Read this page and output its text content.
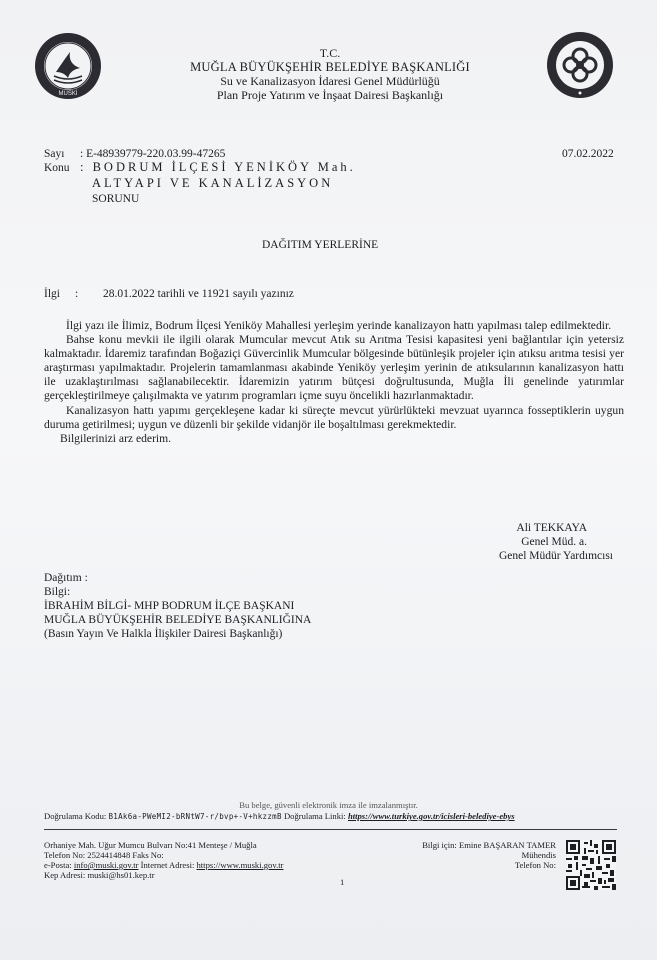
MUSKİ
T.C.
MUĞLA BÜYÜKŞEHİR BELEDİYE BAŞKANLIĞI
Su ve Kanalizasyon İdaresi Genel Müdürlüğü
Plan Proje Yatırım ve İnşaat Dairesi Başkanlığı
Sayı : E-48939779-220.03.99-47265	07.02.2022
Konu : BODRUM İLÇESİ YENİKÖY Mah.
ALTYAPI VE KANALİZASYON
SORUNU
DAĞITIM YERLERİNE
İlgi : 28.01.2022 tarihli ve 11921 sayılı yazınız

İlgi yazı ile İlimiz, Bodrum İlçesi Yeniköy Mahallesi yerleşim yerinde kanalizayon hattı yapılması talep edilmektedir.

Bahse konu mevkii ile ilgili olarak Mumcular mevcut Atık su Arıtma Tesisi kapasitesi yeni bağlantılar için yetersiz kalmaktadır. İdaremiz tarafından Boğaziçi Güvercinlik Mumcular bölgesinde bütünleşik projeler için atıksu arıtma tesisi yer araştırması yapılmaktadır. Projelerin tamamlanması akabinde Yeniköy yerleşim yerinin de atıksularının kanalizasyon hattı ile uzaklaştırılması sağlanabilecektir. İdaremizin yatırım bütçesi doğrultusunda, Muğla İli genelinde yatırımlar gerçekleştirilmeye çalışılmakta ve yatırım programları içme suyu öncelikli hazırlanmaktadır.

Kanalizasyon hattı yapımı gerçekleşene kadar ki süreçte mevcut yürürlükteki mevzuat uyarınca fosseptiklerin uygun duruma getirilmesi; uygun ve düzenli bir şekilde vidanjör ile boşaltılması gerekmektedir.

Bilgilerinizi arz ederim.

Ali TEKKAYA
Genel Müd. a.
Genel Müdür Yardımcısı
Dağıtım :
Bilgi:
İBRAHİM BİLGİ- MHP BODRUM İLÇE BAŞKANI
MUĞLA BÜYÜKŞEHİR BELEDİYE BAŞKANLIĞINA
(Basın Yayın Ve Halkla İlişkiler Dairesi Başkanlığı)
Bu belge, güvenli elektronik imza ile imzalanmıştır.
Doğrulama Kodu: B1Ak6a-PWeMI2-bRNtW7-r/bvp+-V+hkzzmB Doğrulama Linki: https://www.turkiye.gov.tr/icisleri-belediye-ebys
Orhaniye Mah. Uğur Mumcu Bulvarı No:41 Menteşe / Muğla
Telefon No: 2524414848 Faks No:
e-Posta: info@muski.gov.tr İnternet Adresi: https://www.muski.gov.tr
Kep Adresi: muski@hs01.kep.tr
Bilgi için: Emine BAŞARAN TAMER
Mühendis
Telefon No:
1
